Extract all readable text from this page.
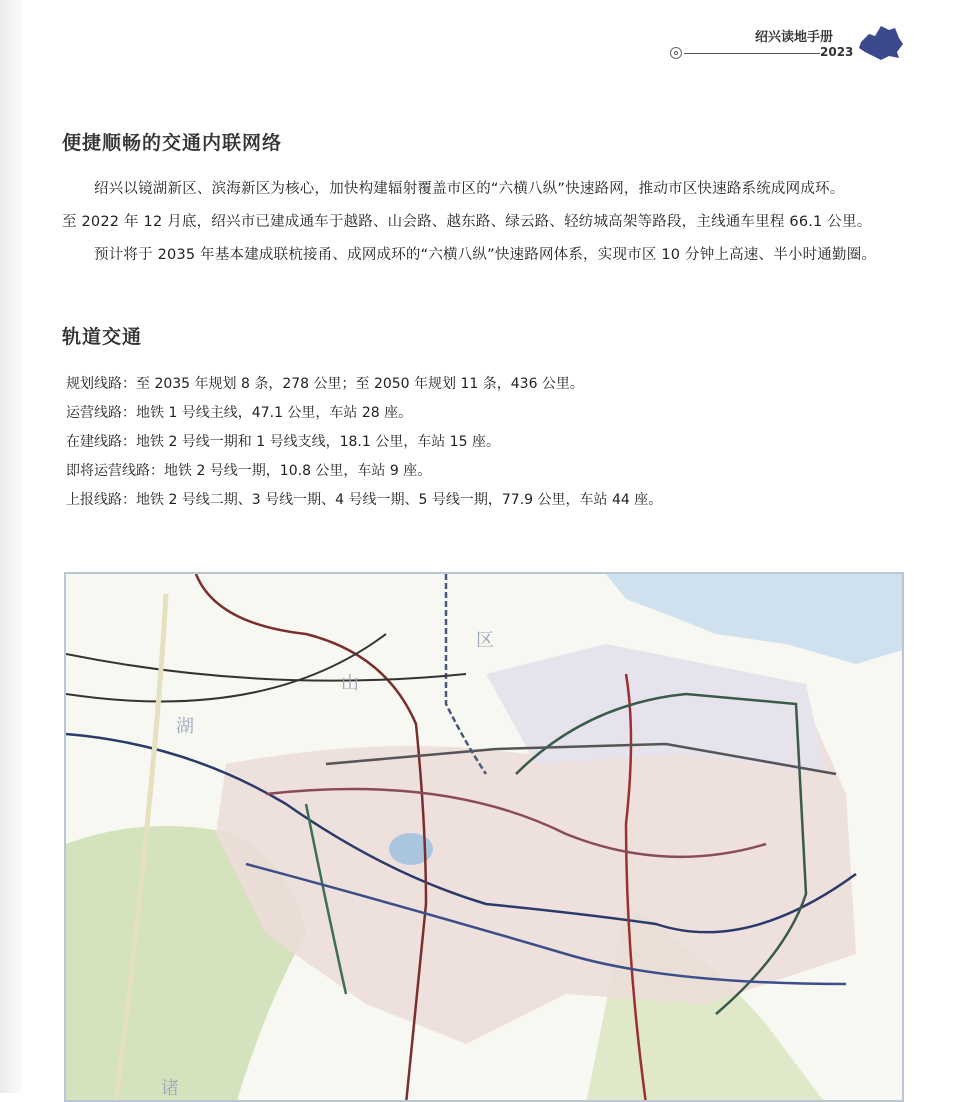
绍兴读地手册
2023
便捷顺畅的交通内联网络
绍兴以镜湖新区、滨海新区为核心，加快构建辐射覆盖市区的“六横八纵”快速路网，推动市区快速路系统成网成环。
至 2022 年 12 月底，绍兴市已建成通车于越路、山会路、越东路、绿云路、轻纺城高架等路段，主线通车里程 66.1 公里。
预计将于 2035 年基本建成联杭接甬、成网成环的“六横八纵”快速路网体系，实现市区 10 分钟上高速、半小时通勤圈。
轨道交通
规划线路：至 2035 年规划 8 条，278 公里；至 2050 年规划 11 条，436 公里。
运营线路：地铁 1 号线主线，47.1 公里，车站 28 座。
在建线路：地铁 2 号线一期和 1 号线支线，18.1 公里，车站 15 座。
即将运营线路：地铁 2 号线一期，10.8 公里，车站 9 座。
上报线路：地铁 2 号线二期、3 号线一期、4 号线一期、5 号线一期，77.9 公里，车站 44 座。
湖
山
区
诸
